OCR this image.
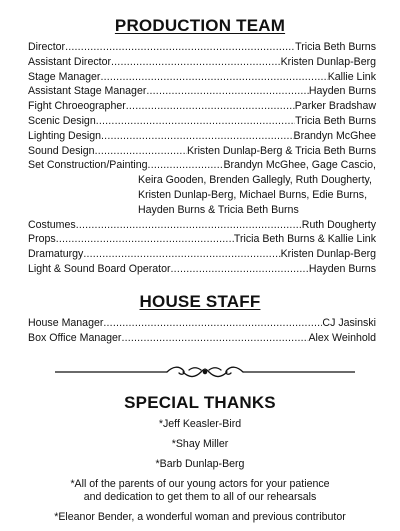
PRODUCTION TEAM
Director .....	Tricia Beth Burns
Assistant Director .....	Kristen Dunlap-Berg
Stage Manager .....	Kallie Link
Assistant Stage Manager .....	Hayden Burns
Fight Chroeographer .....	Parker Bradshaw
Scenic Design .....	Tricia Beth Burns
Lighting Design .....	Brandyn McGhee
Sound Design .....	Kristen Dunlap-Berg & Tricia Beth Burns
Set Construction/Painting .....	Brandyn McGhee, Gage Cascio,
Keira Gooden, Brenden Gallegly, Ruth Dougherty,
Kristen Dunlap-Berg, Michael Burns, Edie Burns,
Hayden Burns & Tricia Beth Burns
Costumes .....	Ruth Dougherty
Props .....	Tricia Beth Burns & Kallie Link
Dramaturgy .....	Kristen Dunlap-Berg
Light & Sound Board Operator .....	Hayden Burns
HOUSE STAFF
House Manager .....	CJ Jasinski
Box Office Manager .....	Alex Weinhold
SPECIAL THANKS

*Jeff Keasler-Bird

*Shay Miller

*Barb Dunlap-Berg

*All of the parents of our young actors for your patience
and dedication to get them to all of our rehearsals

*Eleanor Bender, a wonderful woman and previous contributor
